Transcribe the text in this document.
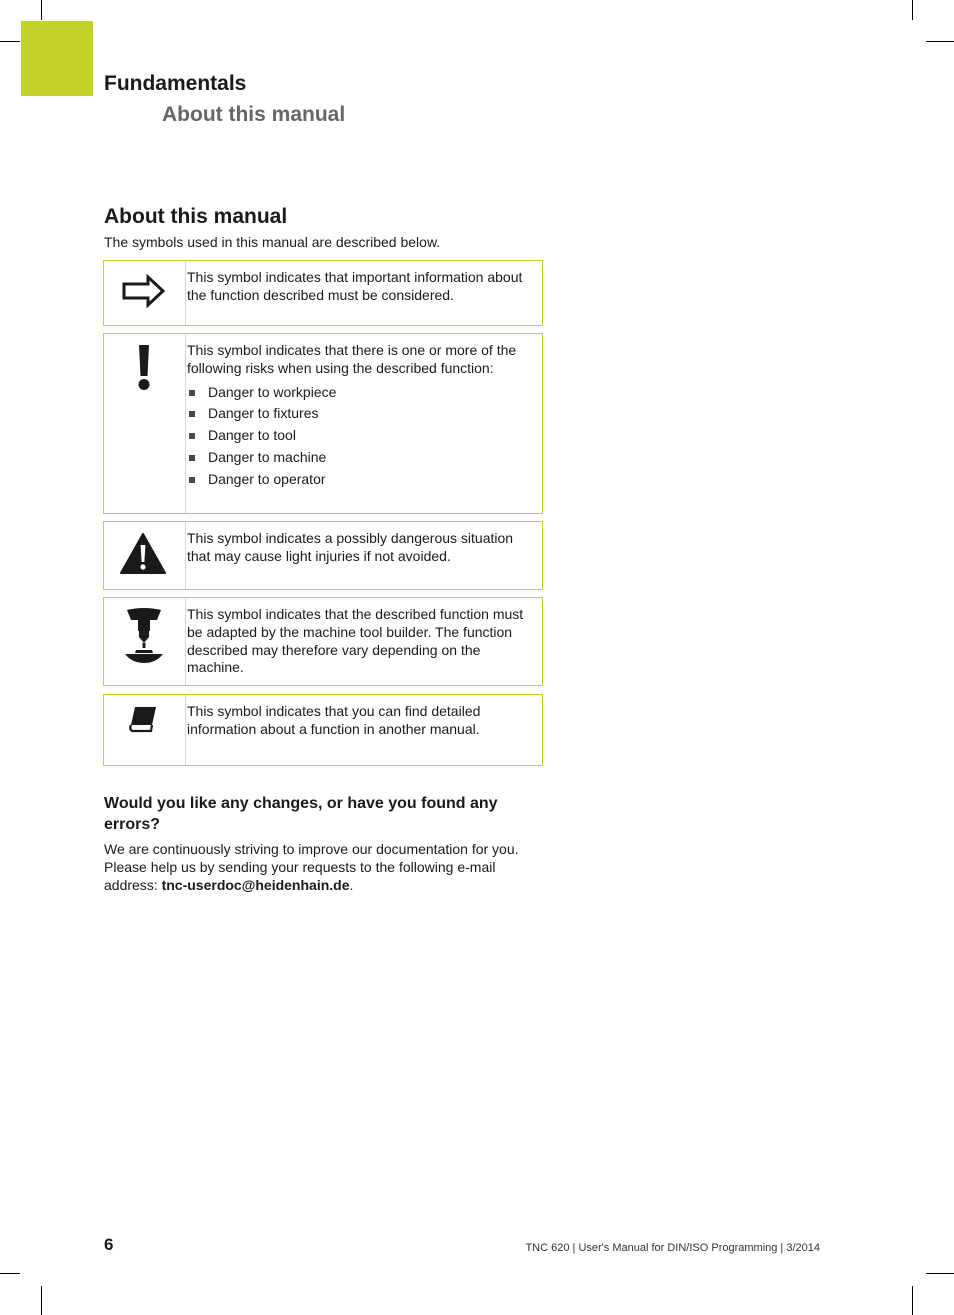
Fundamentals
About this manual
About this manual
The symbols used in this manual are described below.
This symbol indicates that important information about the function described must be considered.
This symbol indicates that there is one or more of the following risks when using the described function:
Danger to workpiece
Danger to fixtures
Danger to tool
Danger to machine
Danger to operator
This symbol indicates a possibly dangerous situation that may cause light injuries if not avoided.
This symbol indicates that the described function must be adapted by the machine tool builder. The function described may therefore vary depending on the machine.
This symbol indicates that you can find detailed information about a function in another manual.
Would you like any changes, or have you found any errors?
We are continuously striving to improve our documentation for you. Please help us by sending your requests to the following e-mail address: tnc-userdoc@heidenhain.de.
6	TNC 620 | User's Manual for DIN/ISO Programming | 3/2014
